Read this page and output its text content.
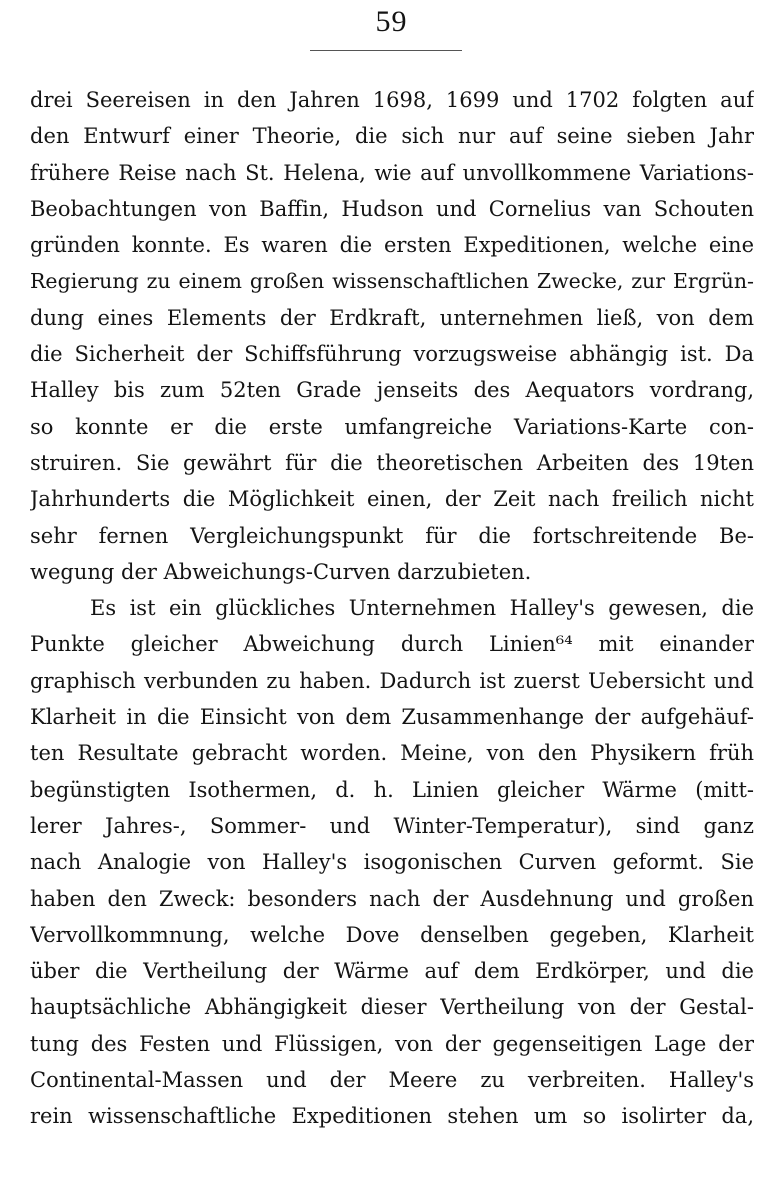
59
drei Seereisen in den Jahren 1698, 1699 und 1702 folgten auf
den Entwurf einer Theorie, die sich nur auf seine sieben Jahr
frühere Reise nach St. Helena, wie auf unvollkommene Variations-
Beobachtungen von Baffin, Hudson und Cornelius van Schouten
gründen konnte. Es waren die ersten Expeditionen, welche eine
Regierung zu einem großen wissenschaftlichen Zwecke, zur Ergrün-
dung eines Elements der Erdkraft, unternehmen ließ, von dem
die Sicherheit der Schiffsführung vorzugsweise abhängig ist. Da
Halley bis zum 52ten Grade jenseits des Aequators vordrang,
so konnte er die erste umfangreiche Variations-Karte con-
struiren. Sie gewährt für die theoretischen Arbeiten des 19ten
Jahrhunderts die Möglichkeit einen, der Zeit nach freilich nicht
sehr fernen Vergleichungspunkt für die fortschreitende Be-
wegung der Abweichungs-Curven darzubieten.
Es ist ein glückliches Unternehmen Halley's gewesen, die
Punkte gleicher Abweichung durch Linien⁶⁴ mit einander
graphisch verbunden zu haben. Dadurch ist zuerst Uebersicht und
Klarheit in die Einsicht von dem Zusammenhange der aufgehäuf-
ten Resultate gebracht worden. Meine, von den Physikern früh
begünstigten Isothermen, d. h. Linien gleicher Wärme (mitt-
lerer Jahres-, Sommer- und Winter-Temperatur), sind ganz
nach Analogie von Halley's isogonischen Curven geformt. Sie
haben den Zweck: besonders nach der Ausdehnung und großen
Vervollkommnung, welche Dove denselben gegeben, Klarheit
über die Vertheilung der Wärme auf dem Erdkörper, und die
hauptsächliche Abhängigkeit dieser Vertheilung von der Gestal-
tung des Festen und Flüssigen, von der gegenseitigen Lage der
Continental-Massen und der Meere zu verbreiten. Halley's
rein wissenschaftliche Expeditionen stehen um so isolirter da,
